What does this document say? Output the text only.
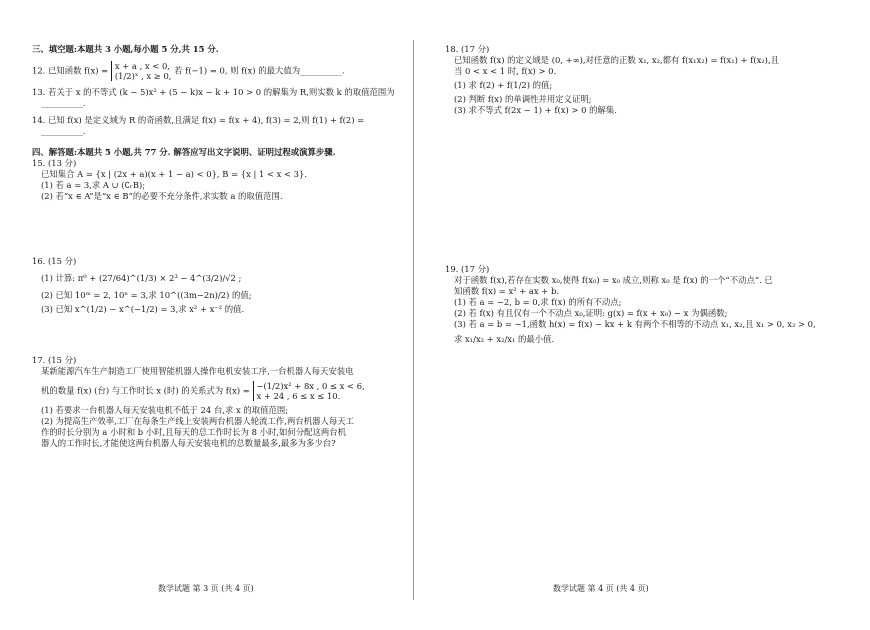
三、填空题:本题共 3 小题,每小题 5 分,共 15 分.
12. 已知函数 f(x) = x + a , x < 0,
(1/2)ˣ , x ≥ 0, 若 f(−1) = 0, 则 f(x) 的最大值为__________.
13. 若关于 x 的不等式 (k − 5)x² + (5 − k)x − k + 10 > 0 的解集为 R,则实数 k 的取值范围为
__________.
14. 已知 f(x) 是定义域为 R 的奇函数,且满足 f(x) = f(x + 4), f(3) = 2,则 f(1) + f(2) =
__________.
四、解答题:本题共 5 小题,共 77 分. 解答应写出文字说明、证明过程或演算步骤.
15. (13 分)
已知集合 A = {x | (2x + a)(x + 1 − a) < 0}, B = {x | 1 < x < 3}.
(1) 若 a = 3,求 A ∪ (∁ᵣB);
(2) 若“x ∈ A”是“x ∈ B”的必要不充分条件,求实数 a 的取值范围.
16. (15 分)
(1) 计算: π⁰ + (27/64)^(1/3) × 2³ − 4^(3/2)/√2 ;
(2) 已知 10ᵐ = 2, 10ⁿ = 3,求 10^((3m−2n)/2) 的值;
(3) 已知 x^(1/2) − x^(−1/2) = 3,求 x² + x⁻² 的值.
17. (15 分)
某新能源汽车生产制造工厂使用智能机器人操作电机安装工序,一台机器人每天安装电
机的数量 f(x) (台) 与工作时长 x (时) 的关系式为 f(x) = −(1/2)x² + 8x , 0 ≤ x < 6,
x + 24 , 6 ≤ x ≤ 10.
(1) 若要求一台机器人每天安装电机不低于 24 台,求 x 的取值范围;
(2) 为提高生产效率,工厂在每条生产线上安装两台机器人轮流工作,两台机器人每天工
作的时长分别为 a 小时和 b 小时,且每天的总工作时长为 8 小时,如何分配这两台机
器人的工作时长,才能使这两台机器人每天安装电机的总数量最多,最多为多少台?
18. (17 分)
已知函数 f(x) 的定义域是 (0, +∞),对任意的正数 x₁, x₂,都有 f(x₁x₂) = f(x₁) + f(x₂),且
当 0 < x < 1 时, f(x) > 0.
(1) 求 f(2) + f(1/2) 的值;
(2) 判断 f(x) 的单调性并用定义证明;
(3) 求不等式 f(2x − 1) + f(x) > 0 的解集.
19. (17 分)
对于函数 f(x),若存在实数 x₀,使得 f(x₀) = x₀ 成立,则称 x₀ 是 f(x) 的一个“不动点”. 已
知函数 f(x) = x² + ax + b.
(1) 若 a = −2, b = 0,求 f(x) 的所有不动点;
(2) 若 f(x) 有且仅有一个不动点 x₀,证明: g(x) = f(x + x₀) − x 为偶函数;
(3) 若 a = b = −1,函数 h(x) = f(x) − kx + k 有两个不相等的不动点 x₁, x₂,且 x₁ > 0, x₂ > 0,
求 x₁/x₂ + x₂/x₁ 的最小值.
数学试题 第 3 页 (共 4 页)	数学试题 第 4 页 (共 4 页)
